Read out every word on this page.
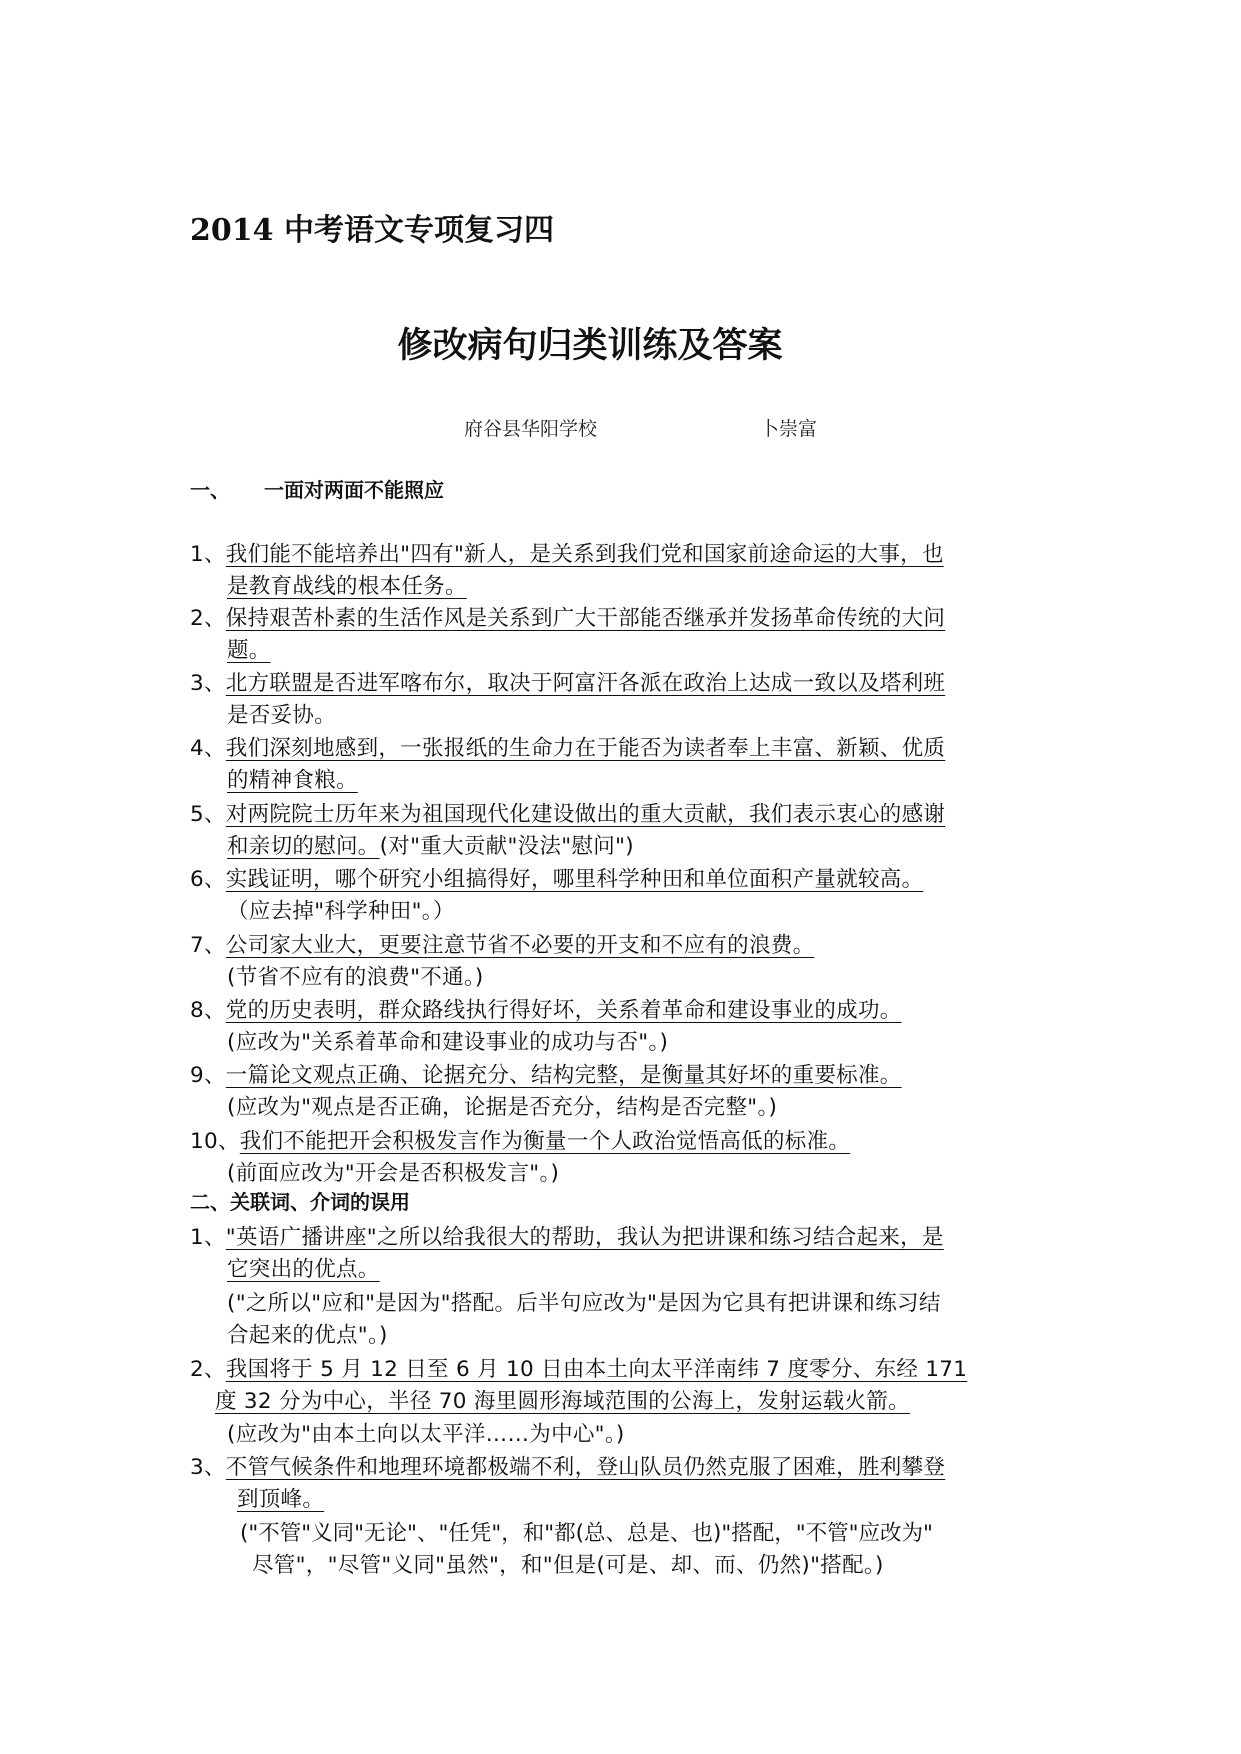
2014 中考语文专项复习四
修改病句归类训练及答案
府谷县华阳学校	卜崇富
一、 一面对两面不能照应
1、我们能不能培养出"四有"新人，是关系到我们党和国家前途命运的大事，也
是教育战线的根本任务。
2、保持艰苦朴素的生活作风是关系到广大干部能否继承并发扬革命传统的大问
题。
3、北方联盟是否进军喀布尔，取决于阿富汗各派在政治上达成一致以及塔利班
是否妥协。
4、我们深刻地感到，一张报纸的生命力在于能否为读者奉上丰富、新颖、优质
的精神食粮。
5、对两院院士历年来为祖国现代化建设做出的重大贡献，我们表示衷心的感谢
和亲切的慰问。(对"重大贡献"没法"慰问")
6、实践证明，哪个研究小组搞得好，哪里科学种田和单位面积产量就较高。
（应去掉"科学种田"。）
7、公司家大业大，更要注意节省不必要的开支和不应有的浪费。
(节省不应有的浪费"不通。)
8、党的历史表明，群众路线执行得好坏，关系着革命和建设事业的成功。
(应改为"关系着革命和建设事业的成功与否"。)
9、一篇论文观点正确、论据充分、结构完整，是衡量其好坏的重要标准。
(应改为"观点是否正确，论据是否充分，结构是否完整"。)
10、我们不能把开会积极发言作为衡量一个人政治觉悟高低的标准。
(前面应改为"开会是否积极发言"。)
二、关联词、介词的误用
1、"英语广播讲座"之所以给我很大的帮助，我认为把讲课和练习结合起来，是
它突出的优点。
("之所以"应和"是因为"搭配。后半句应改为"是因为它具有把讲课和练习结
合起来的优点"。)
2、我国将于 5 月 12 日至 6 月 10 日由本土向太平洋南纬 7 度零分、东经 171
度 32 分为中心，半径 70 海里圆形海域范围的公海上，发射运载火箭。
(应改为"由本土向以太平洋……为中心"。)
3、不管气候条件和地理环境都极端不利，登山队员仍然克服了困难，胜利攀登
到顶峰。
("不管"义同"无论"、"任凭"，和"都(总、总是、也)"搭配，"不管"应改为"
尽管"，"尽管"义同"虽然"，和"但是(可是、却、而、仍然)"搭配。)
